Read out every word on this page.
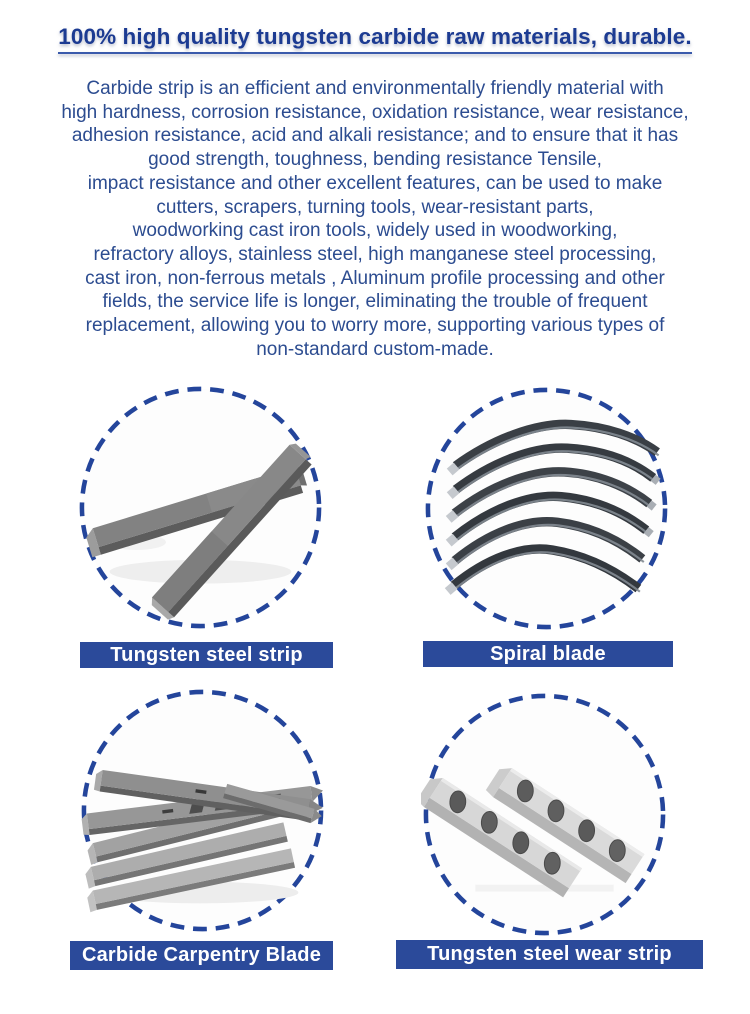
100% high quality tungsten carbide raw materials, durable.
Carbide strip is an efficient and environmentally friendly material with
high hardness, corrosion resistance, oxidation resistance, wear resistance,
adhesion resistance, acid and alkali resistance; and to ensure that it has
good strength, toughness, bending resistance Tensile,
impact resistance and other excellent features, can be used to make
cutters, scrapers, turning tools, wear-resistant parts,
woodworking cast iron tools, widely used in woodworking,
refractory alloys, stainless steel, high manganese steel processing,
cast iron, non-ferrous metals , Aluminum profile processing and other
fields, the service life is longer, eliminating the trouble of frequent
replacement, allowing you to worry more, supporting various types of
non-standard custom-made.
Tungsten steel strip	Spiral blade
Carbide Carpentry Blade	Tungsten steel wear strip
